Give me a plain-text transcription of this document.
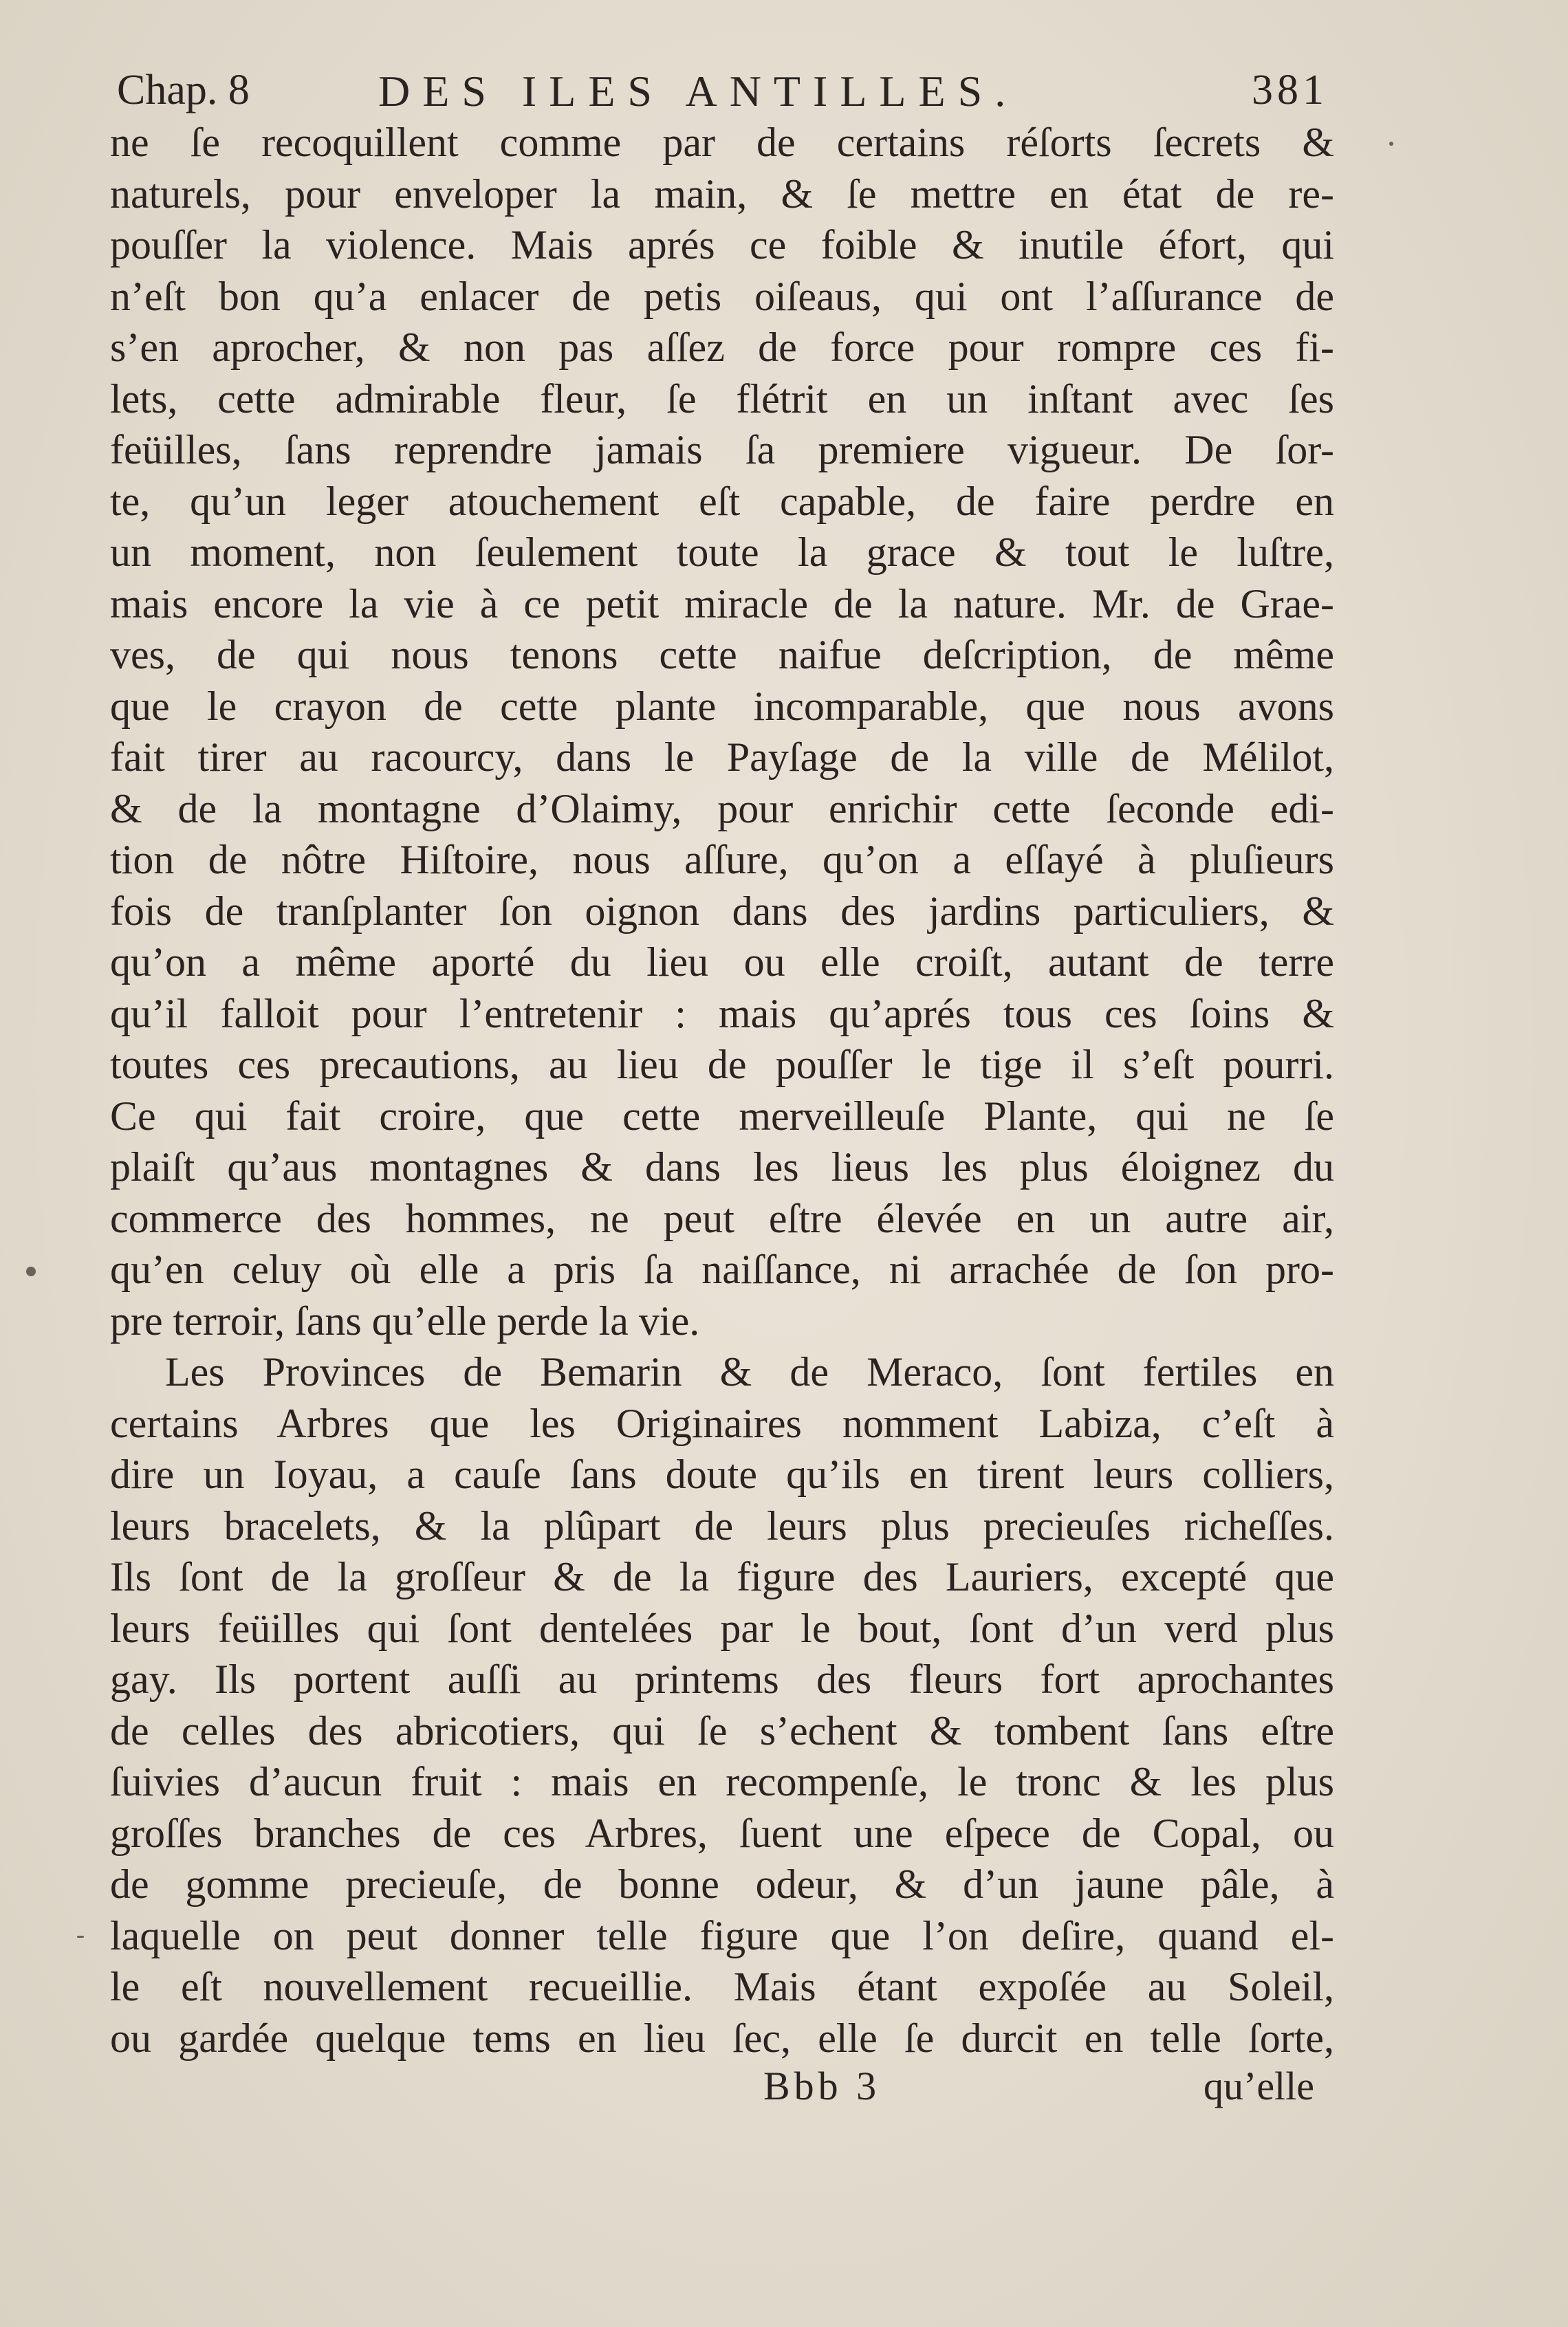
Chap. 8	DES ILES ANTILLES.	381
ne ſe recoquillent comme par de certains réſorts ſecrets &
naturels, pour enveloper la main, & ſe mettre en état de re-
pouſſer la violence. Mais aprés ce foible & inutile éfort, qui
n’eſt bon qu’a enlacer de petis oiſeaus, qui ont l’aſſurance de
s’en aprocher, & non pas aſſez de force pour rompre ces fi-
lets, cette admirable fleur, ſe flétrit en un inſtant avec ſes
feüilles, ſans reprendre jamais ſa premiere vigueur. De ſor-
te, qu’un leger atouchement eſt capable, de faire perdre en
un moment, non ſeulement toute la grace & tout le luſtre,
mais encore la vie à ce petit miracle de la nature. Mr. de Grae-
ves, de qui nous tenons cette naifue deſcription, de même
que le crayon de cette plante incomparable, que nous avons
fait tirer au racourcy, dans le Payſage de la ville de Mélilot,
& de la montagne d’Olaimy, pour enrichir cette ſeconde edi-
tion de nôtre Hiſtoire, nous aſſure, qu’on a eſſayé à pluſieurs
fois de tranſplanter ſon oignon dans des jardins particuliers, &
qu’on a même aporté du lieu ou elle croiſt, autant de terre
qu’il falloit pour l’entretenir : mais qu’aprés tous ces ſoins &
toutes ces precautions, au lieu de pouſſer le tige il s’eſt pourri.
Ce qui fait croire, que cette merveilleuſe Plante, qui ne ſe
plaiſt qu’aus montagnes & dans les lieus les plus éloignez du
commerce des hommes, ne peut eſtre élevée en un autre air,
qu’en celuy où elle a pris ſa naiſſance, ni arrachée de ſon pro-
pre terroir, ſans qu’elle perde la vie.
Les Provinces de Bemarin & de Meraco, ſont fertiles en
certains Arbres que les Originaires nomment Labiza, c’eſt à
dire un Ioyau, a cauſe ſans doute qu’ils en tirent leurs colliers,
leurs bracelets, & la plûpart de leurs plus precieuſes richeſſes.
Ils ſont de la groſſeur & de la figure des Lauriers, excepté que
leurs feüilles qui ſont dentelées par le bout, ſont d’un verd plus
gay. Ils portent auſſi au printems des fleurs fort aprochantes
de celles des abricotiers, qui ſe s’echent & tombent ſans eſtre
ſuivies d’aucun fruit : mais en recompenſe, le tronc & les plus
groſſes branches de ces Arbres, ſuent une eſpece de Copal, ou
de gomme precieuſe, de bonne odeur, & d’un jaune pâle, à
laquelle on peut donner telle figure que l’on deſire, quand el-
le eſt nouvellement recueillie. Mais étant expoſée au Soleil,
ou gardée quelque tems en lieu ſec, elle ſe durcit en telle ſorte,
Bbb 3	qu’elle
